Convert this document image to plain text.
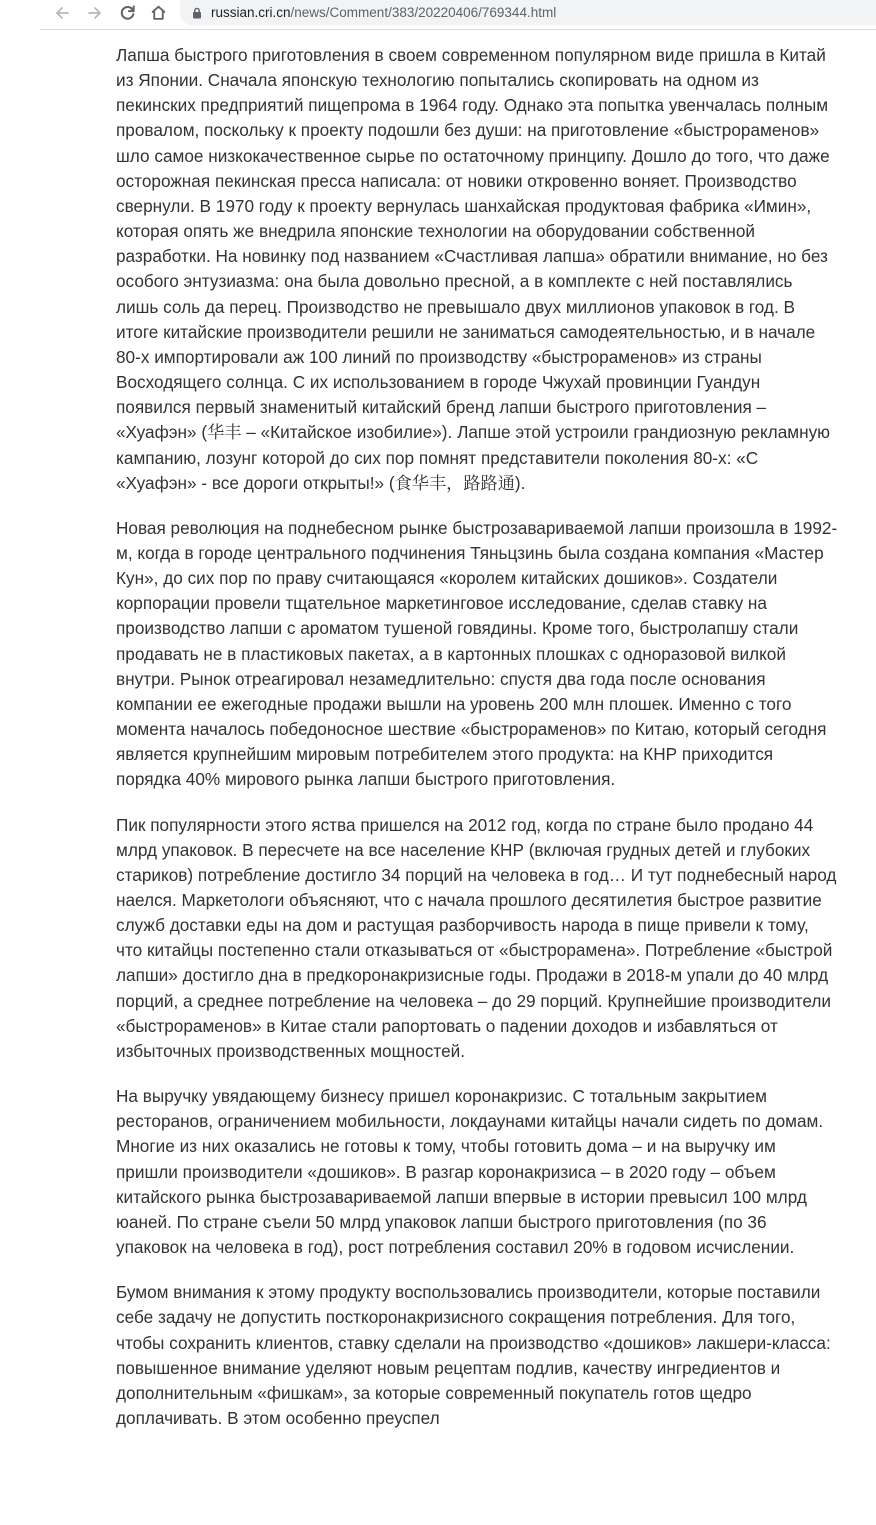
russian.cri.cn/news/Comment/383/20220406/769344.html

Лапша быстрого приготовления в своем современном популярном виде пришла в Китай из Японии. Сначала японскую технологию попытались скопировать на одном из пекинских предприятий пищепрома в 1964 году. Однако эта попытка увенчалась полным провалом, поскольку к проекту подошли без души: на приготовление «быстрораменов» шло самое низкокачественное сырье по остаточному принципу. Дошло до того, что даже осторожная пекинская пресса написала: от новики откровенно воняет. Производство свернули. В 1970 году к проекту вернулась шанхайская продуктовая фабрика «Имин», которая опять же внедрила японские технологии на оборудовании собственной разработки. На новинку под названием «Счастливая лапша» обратили внимание, но без особого энтузиазма: она была довольно пресной, а в комплекте с ней поставлялись лишь соль да перец. Производство не превышало двух миллионов упаковок в год. В итоге китайские производители решили не заниматься самодеятельностью, и в начале 80-х импортировали аж 100 линий по производству «быстрораменов» из страны Восходящего солнца. С их использованием в городе Чжухай провинции Гуандун появился первый знаменитый китайский бренд лапши быстрого приготовления – «Хуафэн» (华丰 – «Китайское изобилие»). Лапше этой устроили грандиозную рекламную кампанию, лозунг которой до сих пор помнят представители поколения 80-х: «С «Хуафэн» - все дороги открыты!» (食华丰，路路通).

Новая революция на поднебесном рынке быстрозавариваемой лапши произошла в 1992-м, когда в городе центрального подчинения Тяньцзинь была создана компания «Мастер Кун», до сих пор по праву считающаяся «королем китайских дошиков». Создатели корпорации провели тщательное маркетинговое исследование, сделав ставку на производство лапши с ароматом тушеной говядины. Кроме того, быстролапшу стали продавать не в пластиковых пакетах, а в картонных плошках с одноразовой вилкой внутри. Рынок отреагировал незамедлительно: спустя два года после основания компании ее ежегодные продажи вышли на уровень 200 млн плошек. Именно с того момента началось победоносное шествие «быстрораменов» по Китаю, который сегодня является крупнейшим мировым потребителем этого продукта: на КНР приходится порядка 40% мирового рынка лапши быстрого приготовления.

Пик популярности этого яства пришелся на 2012 год, когда по стране было продано 44 млрд упаковок. В пересчете на все население КНР (включая грудных детей и глубоких стариков) потребление достигло 34 порций на человека в год… И тут поднебесный народ наелся. Маркетологи объясняют, что с начала прошлого десятилетия быстрое развитие служб доставки еды на дом и растущая разборчивость народа в пище привели к тому, что китайцы постепенно стали отказываться от «быстрорамена». Потребление «быстрой лапши» достигло дна в предкоронакризисные годы. Продажи в 2018-м упали до 40 млрд порций, а среднее потребление на человека – до 29 порций. Крупнейшие производители «быстрораменов» в Китае стали рапортовать о падении доходов и избавляться от избыточных производственных мощностей.

На выручку увядающему бизнесу пришел коронакризис. С тотальным закрытием ресторанов, ограничением мобильности, локдаунами китайцы начали сидеть по домам. Многие из них оказались не готовы к тому, чтобы готовить дома – и на выручку им пришли производители «дошиков». В разгар коронакризиса – в 2020 году – объем китайского рынка быстрозавариваемой лапши впервые в истории превысил 100 млрд юаней. По стране съели 50 млрд упаковок лапши быстрого приготовления (по 36 упаковок на человека в год), рост потребления составил 20% в годовом исчислении.

Бумом внимания к этому продукту воспользовались производители, которые поставили себе задачу не допустить посткоронакризисного сокращения потребления. Для того, чтобы сохранить клиентов, ставку сделали на производство «дошиков» лакшери-класса: повышенное внимание уделяют новым рецептам подлив, качеству ингредиентов и дополнительным «фишкам», за которые современный покупатель готов щедро доплачивать. В этом особенно преуспел
